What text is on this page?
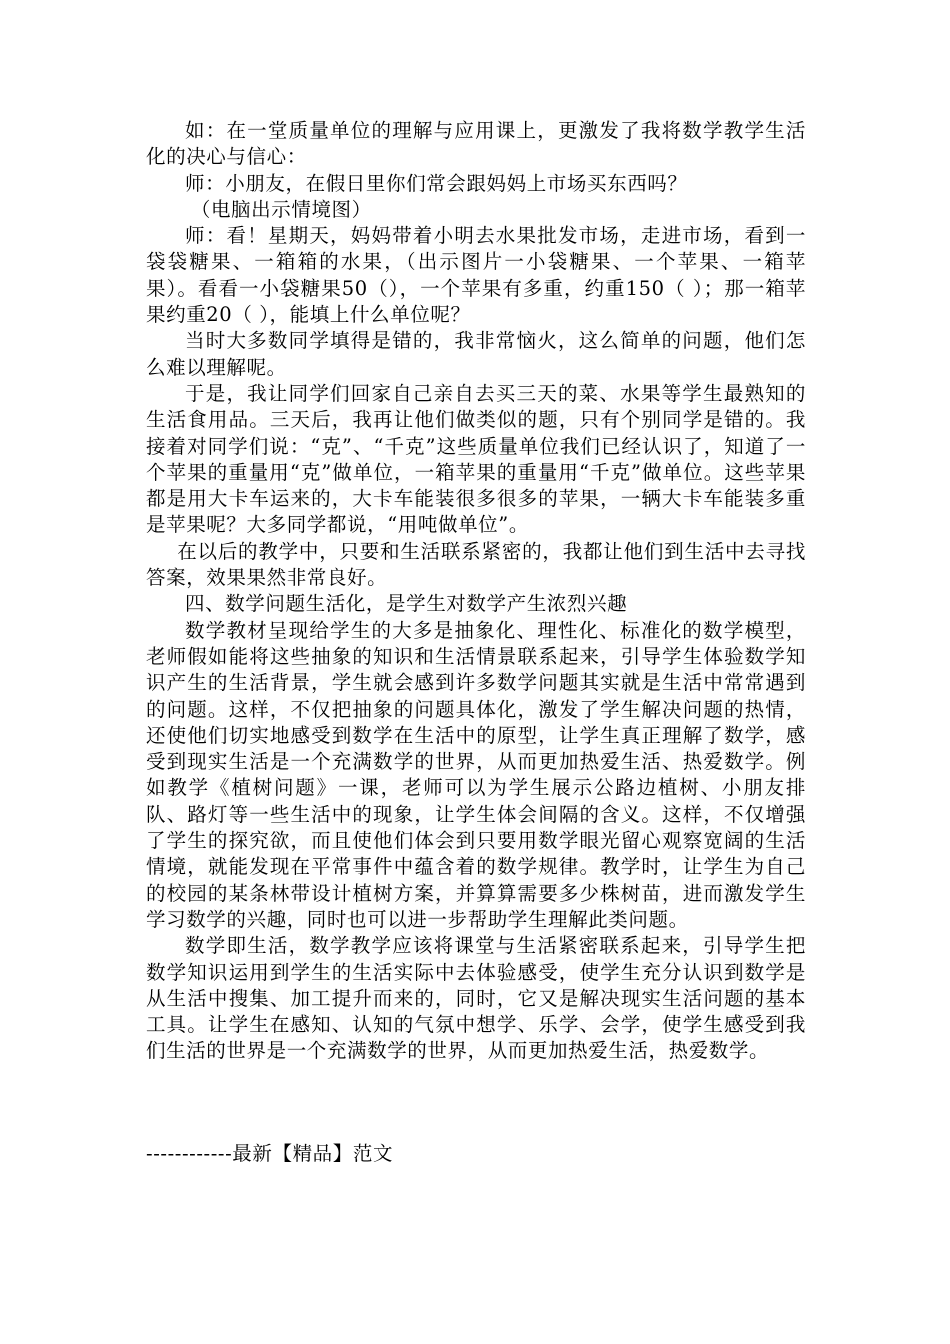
如：在一堂质量单位的理解与应用课上，更激发了我将数学教学生活化的决心与信心：

师：小朋友，在假日里你们常会跟妈妈上市场买东西吗？

（电脑出示情境图）

师：看！星期天，妈妈带着小明去水果批发市场，走进市场，看到一袋袋糖果、一箱箱的水果，（出示图片一小袋糖果、一个苹果、一箱苹果）。看看一小袋糖果50（），一个苹果有多重，约重150（ ）；那一箱苹果约重20（ ），能填上什么单位呢？

当时大多数同学填得是错的，我非常恼火，这么简单的问题，他们怎么难以理解呢。

于是，我让同学们回家自己亲自去买三天的菜、水果等学生最熟知的生活食用品。三天后，我再让他们做类似的题，只有个别同学是错的。我接着对同学们说：“克”、“千克”这些质量单位我们已经认识了，知道了一个苹果的重量用“克”做单位，一箱苹果的重量用“千克”做单位。这些苹果都是用大卡车运来的，大卡车能装很多很多的苹果，一辆大卡车能装多重是苹果呢？大多同学都说，“用吨做单位”。

在以后的教学中，只要和生活联系紧密的，我都让他们到生活中去寻找答案，效果果然非常良好。

四、数学问题生活化，是学生对数学产生浓烈兴趣

数学教材呈现给学生的大多是抽象化、理性化、标准化的数学模型，老师假如能将这些抽象的知识和生活情景联系起来，引导学生体验数学知识产生的生活背景，学生就会感到许多数学问题其实就是生活中常常遇到的问题。这样，不仅把抽象的问题具体化，激发了学生解决问题的热情，还使他们切实地感受到数学在生活中的原型，让学生真正理解了数学，感受到现实生活是一个充满数学的世界，从而更加热爱生活、热爱数学。例如教学《植树问题》一课，老师可以为学生展示公路边植树、小朋友排队、路灯等一些生活中的现象，让学生体会间隔的含义。这样，不仅增强了学生的探究欲，而且使他们体会到只要用数学眼光留心观察宽阔的生活情境，就能发现在平常事件中蕴含着的数学规律。教学时，让学生为自己的校园的某条林带设计植树方案，并算算需要多少株树苗，进而激发学生学习数学的兴趣，同时也可以进一步帮助学生理解此类问题。

数学即生活，数学教学应该将课堂与生活紧密联系起来，引导学生把数学知识运用到学生的生活实际中去体验感受，使学生充分认识到数学是从生活中搜集、加工提升而来的，同时，它又是解决现实生活问题的基本工具。让学生在感知、认知的气氛中想学、乐学、会学，使学生感受到我们生活的世界是一个充满数学的世界，从而更加热爱生活，热爱数学。

------------最新【精品】范文
